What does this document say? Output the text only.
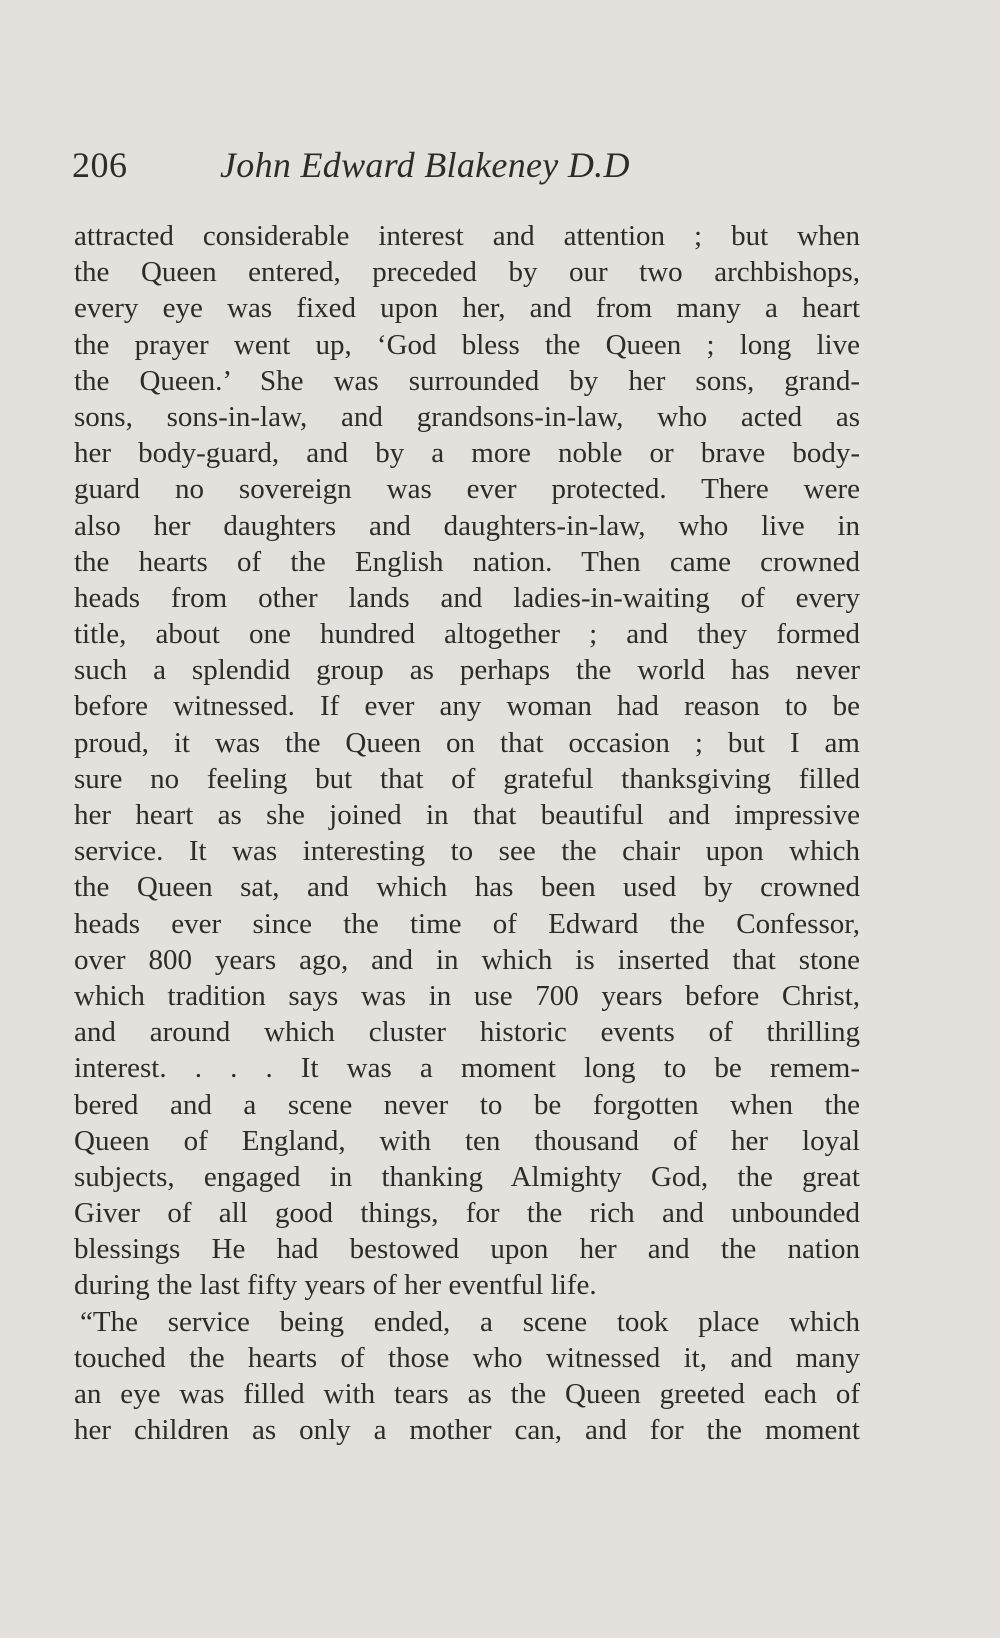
206	John Edward Blakeney D.D
attracted considerable interest and attention ; but when
the Queen entered, preceded by our two archbishops,
every eye was fixed upon her, and from many a heart
the prayer went up, ‘God bless the Queen ; long live
the Queen.’ She was surrounded by her sons, grand-
sons, sons-in-law, and grandsons-in-law, who acted as
her body-guard, and by a more noble or brave body-
guard no sovereign was ever protected. There were
also her daughters and daughters-in-law, who live in
the hearts of the English nation. Then came crowned
heads from other lands and ladies-in-waiting of every
title, about one hundred altogether ; and they formed
such a splendid group as perhaps the world has never
before witnessed. If ever any woman had reason to be
proud, it was the Queen on that occasion ; but I am
sure no feeling but that of grateful thanksgiving filled
her heart as she joined in that beautiful and impressive
service. It was interesting to see the chair upon which
the Queen sat, and which has been used by crowned
heads ever since the time of Edward the Confessor,
over 800 years ago, and in which is inserted that stone
which tradition says was in use 700 years before Christ,
and around which cluster historic events of thrilling
interest. . . . It was a moment long to be remem-
bered and a scene never to be forgotten when the
Queen of England, with ten thousand of her loyal
subjects, engaged in thanking Almighty God, the great
Giver of all good things, for the rich and unbounded
blessings He had bestowed upon her and the nation
during the last fifty years of her eventful life.
“The service being ended, a scene took place which
touched the hearts of those who witnessed it, and many
an eye was filled with tears as the Queen greeted each of
her children as only a mother can, and for the moment
